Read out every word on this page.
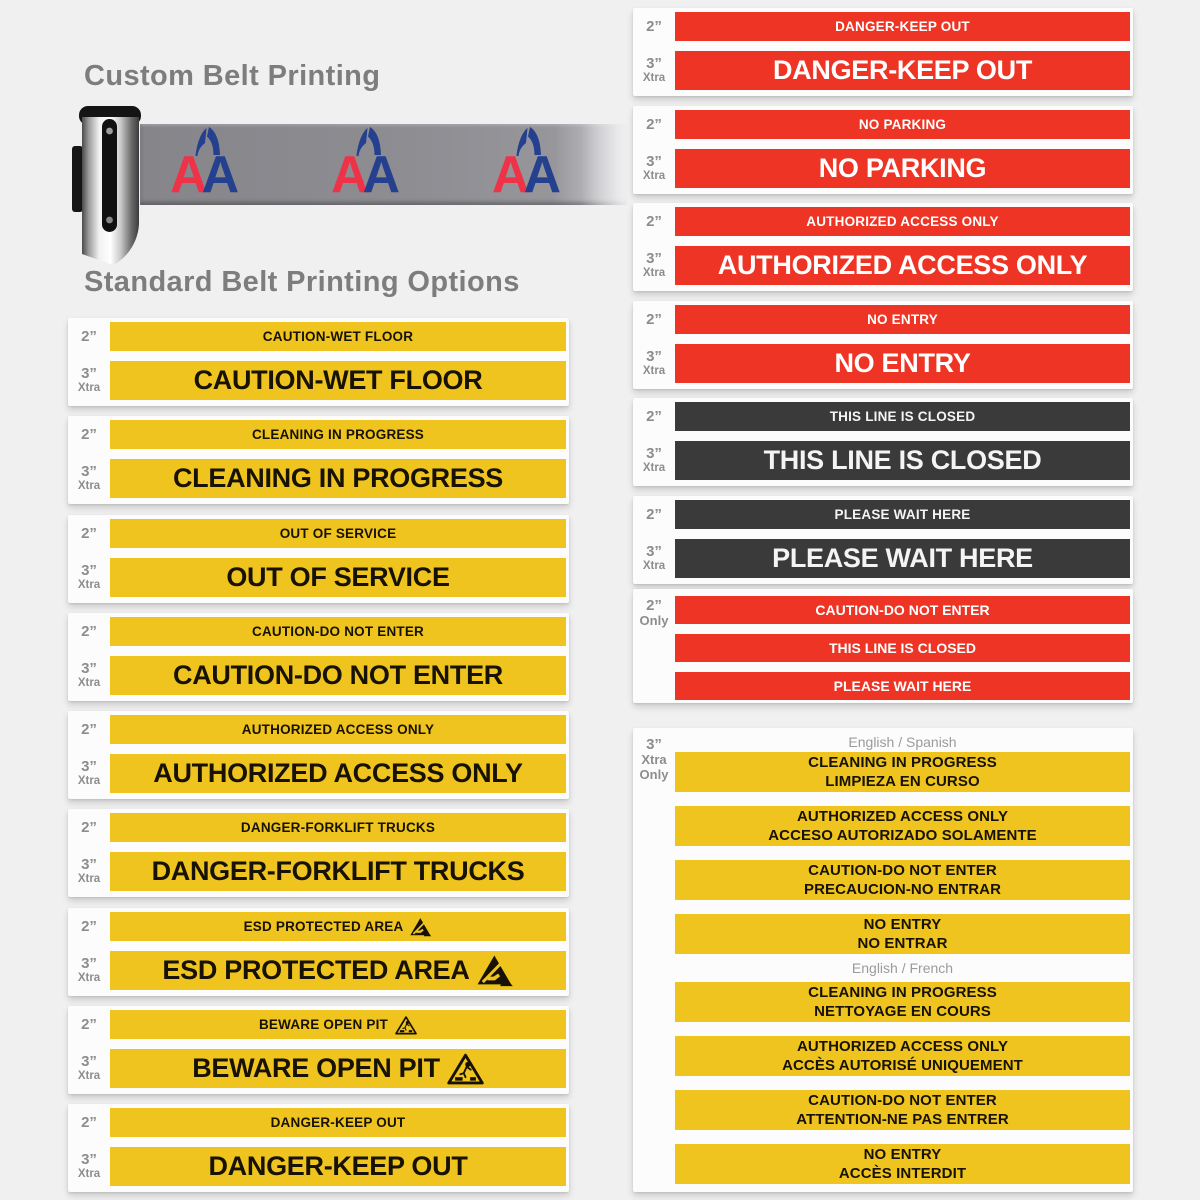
Custom Belt Printing
A
A A
A A
A
Standard Belt Printing Options
2”	CAUTION-WET FLOOR
3”
Xtra	CAUTION-WET FLOOR
2”	CLEANING IN PROGRESS
3”
Xtra	CLEANING IN PROGRESS
2”	OUT OF SERVICE
3”
Xtra	OUT OF SERVICE
2”	CAUTION-DO NOT ENTER
3”
Xtra	CAUTION-DO NOT ENTER
2”	AUTHORIZED ACCESS ONLY
3”
Xtra	AUTHORIZED ACCESS ONLY
2”	DANGER-FORKLIFT TRUCKS
3”
Xtra	DANGER-FORKLIFT TRUCKS
2”	ESD PROTECTED AREA
3”
Xtra	ESD PROTECTED AREA
2”	BEWARE OPEN PIT
3”
Xtra	BEWARE OPEN PIT
2”	DANGER-KEEP OUT
3”
Xtra	DANGER-KEEP OUT
2”	DANGER-KEEP OUT
3”
Xtra	DANGER-KEEP OUT
2”	NO PARKING
3”
Xtra	NO PARKING
2”	AUTHORIZED ACCESS ONLY
3”
Xtra	AUTHORIZED ACCESS ONLY
2”	NO ENTRY
3”
Xtra	NO ENTRY
2”	THIS LINE IS CLOSED
3”
Xtra	THIS LINE IS CLOSED
2”	PLEASE WAIT HERE
3”
Xtra	PLEASE WAIT HERE
2”
Only
CAUTION-DO NOT ENTER
THIS LINE IS CLOSED
PLEASE WAIT HERE
3”
Xtra
Only
English / Spanish
CLEANING IN PROGRESS
LIMPIEZA EN CURSO
AUTHORIZED ACCESS ONLY
ACCESO AUTORIZADO SOLAMENTE
CAUTION-DO NOT ENTER
PRECAUCION-NO ENTRAR
NO ENTRY
NO ENTRAR
English / French
CLEANING IN PROGRESS
NETTOYAGE EN COURS
AUTHORIZED ACCESS ONLY
ACCÈS AUTORISÉ UNIQUEMENT
CAUTION-DO NOT ENTER
ATTENTION-NE PAS ENTRER
NO ENTRY
ACCÈS INTERDIT
